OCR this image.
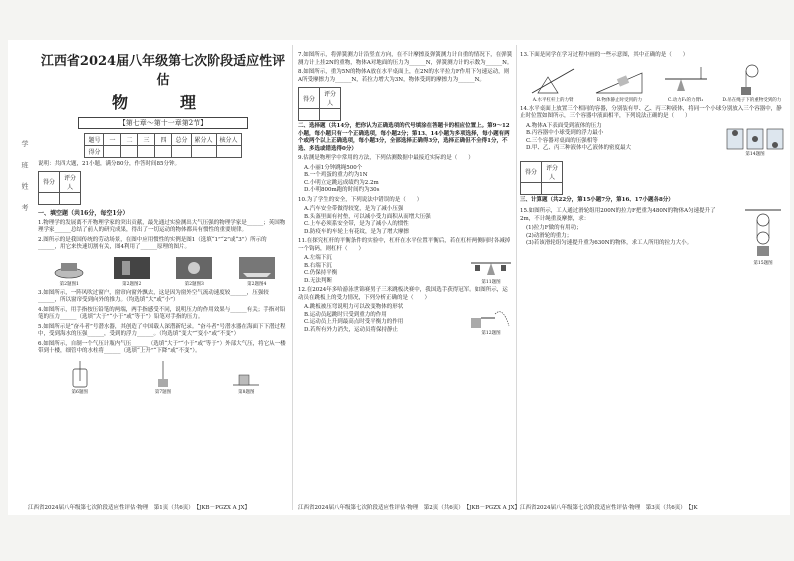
学 班 姓 考

江西省2024届八年级第七次阶段适应性评估

物　理

【第七章～第十一章第2节】
题号	一	二	三	四	总分	累分人	核分人
得分							

说明：共四大题，21小题，满分80分，作答时间85分钟。

得分	评分人

一、填空题（共16分，每空1分）

1.物理学的发展离不开物理学家的突出贡献，最先通过实验测出大气压强的物理学家是______；英国物理学家______总结了前人的研究成果，得出了一切运动的物体都具有惯性的重要规律。

2.图所示的是我国传统的劳动场景，在图中应用惯性的实例是图1（选填“1”“2”或“3”）所示的______，用它来快速切割有关，图4利用了______原理的图片。

第2题图1	第2题图2	第2题图3	第2题图4

3.如图所示，一阵风吹过窗户，窗帘向窗外飘去，这是因为窗外空气流动速度较______，压强较______，所以窗帘受到向外的推力。（均选填“大”或“小”）

4.如图所示，用手指按压铅笔的两端，两手指感受不同，说明压力的作用效果与______有关；手指对铅笔的压力______（选填“大于”“小于”或“等于”）铅笔对手指的压力。

5.如图所示是“奋斗者”号潜水器，其创造了中国载人深潜新纪录。“奋斗者”号潜水器在海面下下潜过程中，受到海水的压强______，受到的浮力______。（均选填“变大”“变小”或“不变”）

6.如图所示，自制一个气压计瓶内气压______（选填“大于”“小于”或“等于”）外部大气压，将它从一楼带到十楼，细管中的水柱将______（选填“上升”“下降”或“不变”）。

第6题图	第7题图	第8题图

7.如图所示，将弹簧测力计沿竖直方向，在不计摩擦及弹簧测力计自重的情况下，在弹簧测力计上挂2N的重物，物体A对地面的压力为______N，弹簧测力计的示数为______N。

8.如图所示，重为5N的物体A放在水平桌面上，在2N的水平拉力F作用下匀速运动，则A所受摩擦力为______N，若拉力增大为3N，物体受到的摩擦力为______N。

得分	评分人

二、选择题（共14分，把你认为正确选项的代号填涂在答题卡的相应位置上。第9～12小题，每小题只有一个正确选项，每小题2分；第13、14小题为多项选择，每小题有两个或两个以上正确选项，每小题3分，全部选择正确得3分，选择正确但不全得1分，不选、多选或错选得0分）

9.估测是物理学中常用的方法，下列估测数据中最接近实际的是（　　）

A.小丽1分钟跳绳500个

B.一个鸡蛋的重力约为1N

C.小明立定跳远成绩约为2.2m

D.小明800m跑的时间约为30s

10.为了学生的安全，下列说法中错误的是（　　）

A.汽车安全带做得较宽，是为了减小压强

B.头盔里面有衬垫，可以减小受力面积从而增大压强

C.上车必须系安全带，是为了减小人的惯性

D.防疫车的车轮上有花纹，是为了增大摩擦

11.在探究杠杆的平衡条件的实验中，杠杆在水平位置平衡后，若在杠杆两侧同时各减掉一个钩码，则杠杆（　　）

A.左端下沉

B.右端下沉

C.仍保持平衡

D.无法判断	第11题图

12.在2024年多哈游泳世锦赛男子三米跳板决赛中，我国选手获得冠军。如图所示，运动员在跳板上的受力情况，下列分析正确的是（　　）

A.跳板被压弯说明力可以改变物体的形状

B.运动员起跳时只受到重力的作用

C.运动员上升到最高点时受平衡力的作用

D.若所有外力消失，运动员将保持静止

第12题图

13.下面是同学在学习过程中画的一些示意图，其中正确的是（　　）

A.水平杠杆上的力臂	B.物体静止时受到的力	C.动力F₁的力臂l₁	D.吊在绳子下的重物受到的力

14.水平桌面上放置三个相同的容器，分别装有甲、乙、丙三种液体，将同一个小球分别放入三个容器中，静止时位置如图所示，三个容器中液面相平，下列说法正确的是（　　）

A.物体A下表面受到液体的压力

B.丙容器中小球受到的浮力最小

C.三个容器对桌面的压强相等

D.甲、乙、丙三种液体中乙液体的密度最大

第14题图
得分	评分人

三、计算题（共22分，第15小题7分，第16、17小题各8分）

15.如图所示，工人通过滑轮组用200N的拉力F把重为480N的物体A匀速提升了2m，不计绳重及摩擦，求：

(1)拉力F做的有用功；

(2)动滑轮的重力；

(3)若该滑轮组匀速提升重为630N的物体，求工人所用的拉力大小。

第15题图
江西省2024届八年级第七次阶段适应性评估·物理　第1页（共6页）　【JKB－PGZX A JX】	江西省2024届八年级第七次阶段适应性评估·物理　第2页（共6页）　【JKB－PGZX A JX】 江西省2024届八年级第七次阶段适应性评估·物理　第3页（共6页）　【JK
